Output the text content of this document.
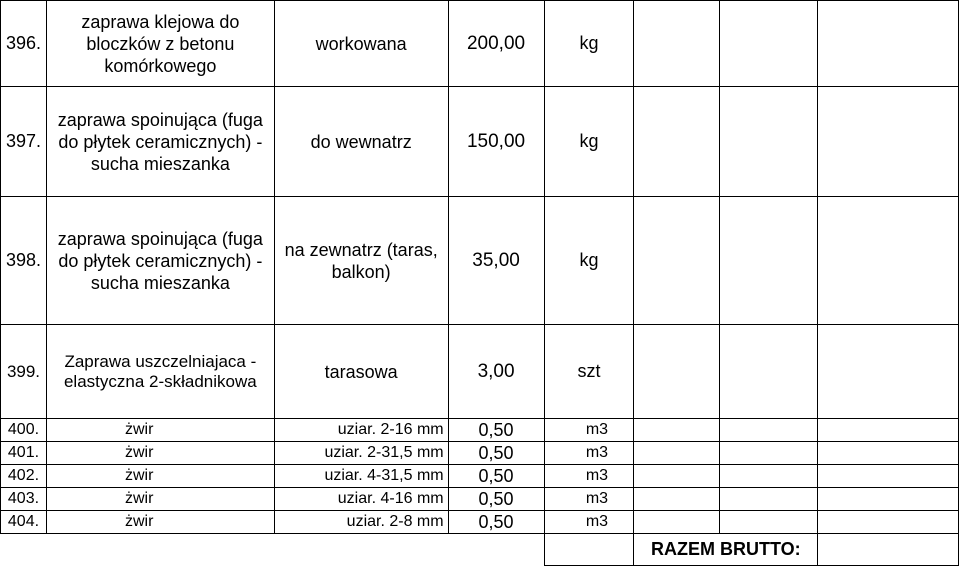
396.	zaprawa klejowa do bloczków z betonu komórkowego	workowana	200,00	kg			
397.	zaprawa spoinująca (fuga do płytek ceramicznych) - sucha mieszanka	do wewnatrz	150,00	kg			
398.	zaprawa spoinująca (fuga do płytek ceramicznych) - sucha mieszanka	na zewnatrz (taras, balkon)	35,00	kg			
399.	Zaprawa uszczelniajaca - elastyczna 2-składnikowa	tarasowa	3,00	szt			
400.	żwir	uziar. 2-16 mm	0,50	m3			
401.	żwir	uziar. 2-31,5 mm	0,50	m3			
402.	żwir	uziar. 4-31,5 mm	0,50	m3			
403.	żwir	uziar. 4-16 mm	0,50	m3			
404.	żwir	uziar. 2-8 mm	0,50	m3			
					RAZEM BRUTTO:		
